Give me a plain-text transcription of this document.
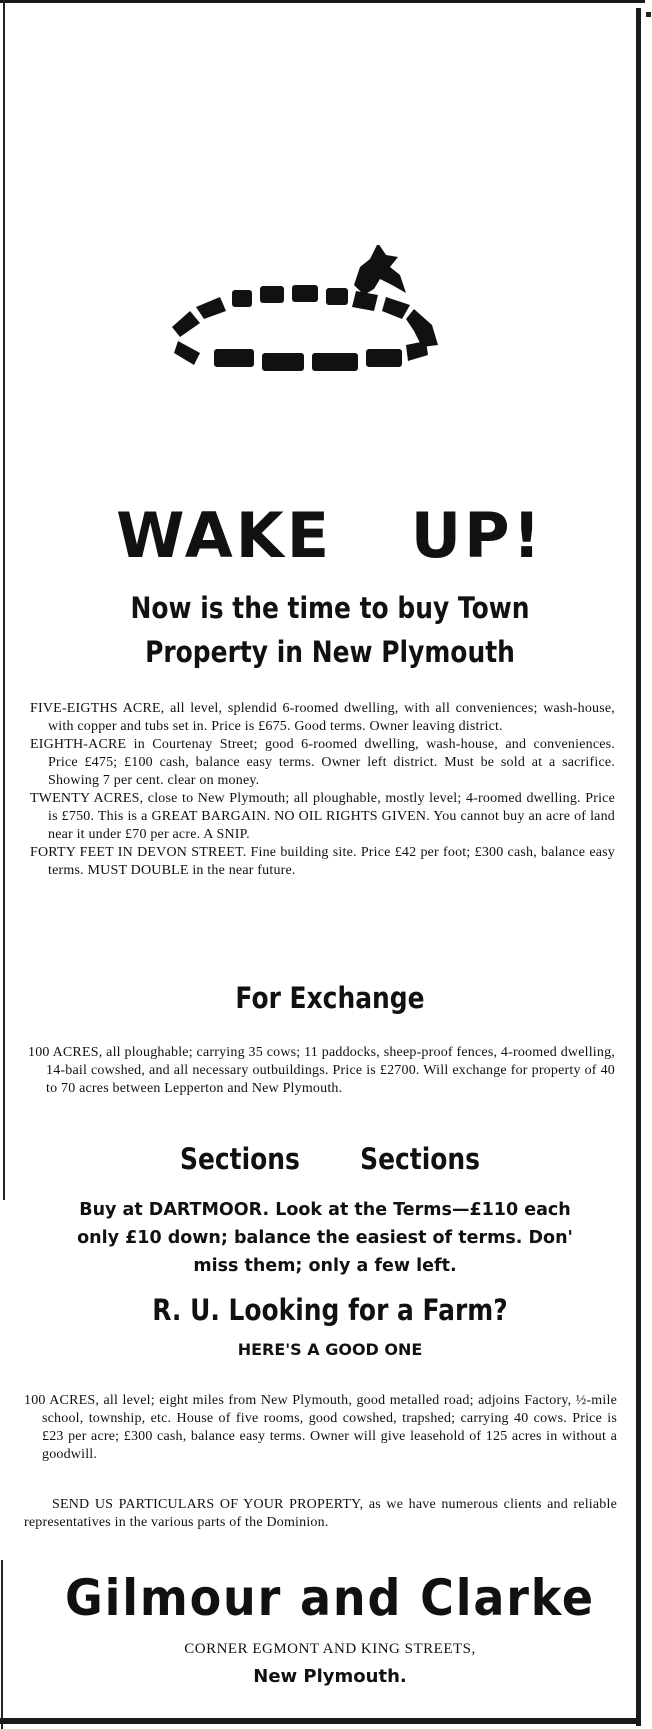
WAKE UP!
Now is the time to buy Town
Property in New Plymouth

FIVE-EIGTHS ACRE, all level, splendid 6-roomed dwelling, with all conveniences; wash-house, with copper and tubs set in. Price is £675. Good terms. Owner leaving district.

EIGHTH-ACRE in Courtenay Street; good 6-roomed dwelling, wash-house, and conveniences. Price £475; £100 cash, balance easy terms. Owner left district. Must be sold at a sacrifice. Showing 7 per cent. clear on money.

TWENTY ACRES, close to New Plymouth; all ploughable, mostly level; 4-roomed dwelling. Price is £750. This is a GREAT BARGAIN. NO OIL RIGHTS GIVEN. You cannot buy an acre of land near it under £70 per acre. A SNIP.

FORTY FEET IN DEVON STREET. Fine building site. Price £42 per foot; £300 cash, balance easy terms. MUST DOUBLE in the near future.

For Exchange

100 ACRES, all ploughable; carrying 35 cows; 11 paddocks, sheep-proof fences, 4-roomed dwelling, 14-bail cowshed, and all necessary outbuildings. Price is £2700. Will exchange for property of 40 to 70 acres between Lepperton and New Plymouth.

Sections Sections
Buy at DARTMOOR. Look at the Terms—£110 each
only £10 down; balance the easiest of terms. Don'
miss them; only a few left.
R. U. Looking for a Farm?
HERE'S A GOOD ONE

100 ACRES, all level; eight miles from New Plymouth, good metalled road; adjoins Factory, ½-mile school, township, etc. House of five rooms, good cowshed, trapshed; carrying 40 cows. Price is £23 per acre; £300 cash, balance easy terms. Owner will give leasehold of 125 acres in without a goodwill.

SEND US PARTICULARS OF YOUR PROPERTY, as we have numerous clients and reliable representatives in the various parts of the Dominion.

Gilmour and Clarke
CORNER EGMONT AND KING STREETS,
New Plymouth.
